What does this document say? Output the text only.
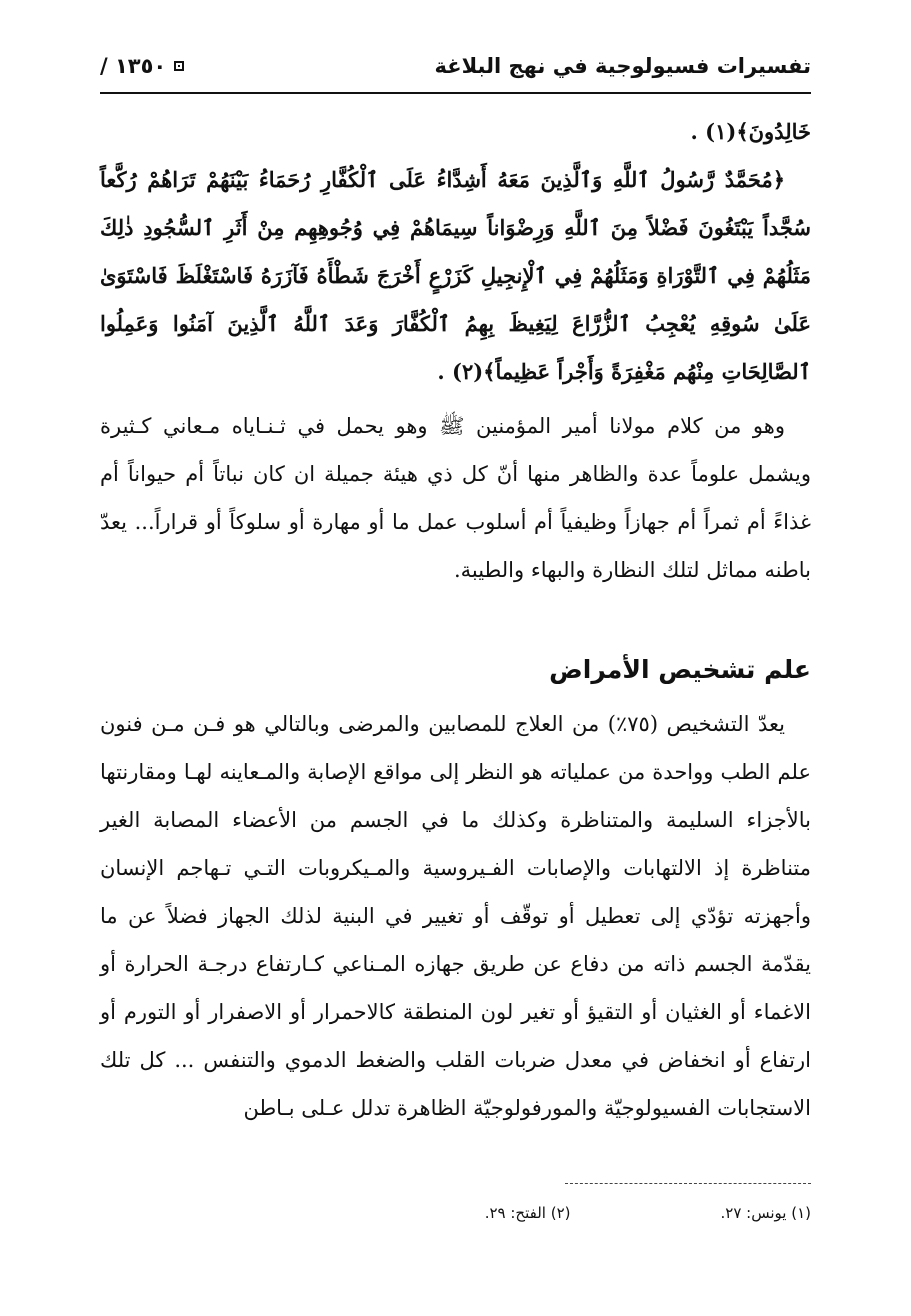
تفسيرات فسيولوجية في نهج البلاغة
١٣٥٠ /

خَالِدُونَ﴾(١) .

﴿مُحَمَّدٌ رَّسُولُ ٱللَّهِ وَٱلَّذِينَ مَعَهُ أَشِدَّاءُ عَلَى ٱلْكُفَّارِ رُحَمَاءُ بَيْنَهُمْ تَرَاهُمْ رُكَّعاً سُجَّداً يَبْتَغُونَ فَضْلاً مِنَ ٱللَّهِ وَرِضْوَاناً سِيمَاهُمْ فِي وُجُوهِهِم مِنْ أَثَرِ ٱلسُّجُودِ ذٰلِكَ مَثَلُهُمْ فِي ٱلتَّوْرَاةِ وَمَثَلُهُمْ فِي ٱلْإِنجِيلِ كَزَرْعٍ أَخْرَجَ شَطْأَهُ فَآزَرَهُ فَاسْتَغْلَظَ فَاسْتَوَىٰ عَلَىٰ سُوقِهِ يُعْجِبُ ٱلزُّرَّاعَ لِيَغِيظَ بِهِمُ ٱلْكُفَّارَ وَعَدَ ٱللَّهُ ٱلَّذِينَ آمَنُوا وَعَمِلُوا ٱلصَّالِحَاتِ مِنْهُم مَغْفِرَةً وَأَجْراً عَظِيماً﴾(٢) .

وهو من كلام مولانا أمير المؤمنين ﷺ وهو يحمل في ثـنـاياه مـعاني كـثيرة ويشمل علوماً عدة والظاهر منها أنّ كل ذي هيئة جميلة ان كان نباتاً أم حيواناً أم غذاءً أم ثمراً أم جهازاً وظيفياً أم أسلوب عمل ما أو مهارة أو سلوكاً أو قراراً... يعدّ باطنه مماثل لتلك النظارة والبهاء والطيبة.

علم تشخيص الأمراض

يعدّ التشخيص (٧٥٪) من العلاج للمصابين والمرضى وبالتالي هو فـن مـن فنون علم الطب وواحدة من عملياته هو النظر إلى مواقع الإصابة والمـعاينه لهـا ومقارنتها بالأجزاء السليمة والمتناظرة وكذلك ما في الجسم من الأعضاء المصابة الغير متناظرة إذ الالتهابات والإصابات الفـيروسية والمـيكروبات التـي تـهاجم الإنسان وأجهزته تؤدّي إلى تعطيل أو توقّف أو تغيير في البنية لذلك الجهاز فضلاً عن ما يقدّمة الجسم ذاته من دفاع عن طريق جهازه المـناعي كـارتفاع درجـة الحرارة أو الاغماء أو الغثيان أو التقيؤ أو تغير لون المنطقة كالاحمرار أو الاصفرار أو التورم أو ارتفاع أو انخفاض في معدل ضربات القلب والضغط الدموي والتنفس ... كل تلك الاستجابات الفسيولوجيّة والمورفولوجيّة الظاهرة تدلل عـلى بـاطن

(١) يونس: ٢٧.
(٢) الفتح: ٢٩.
